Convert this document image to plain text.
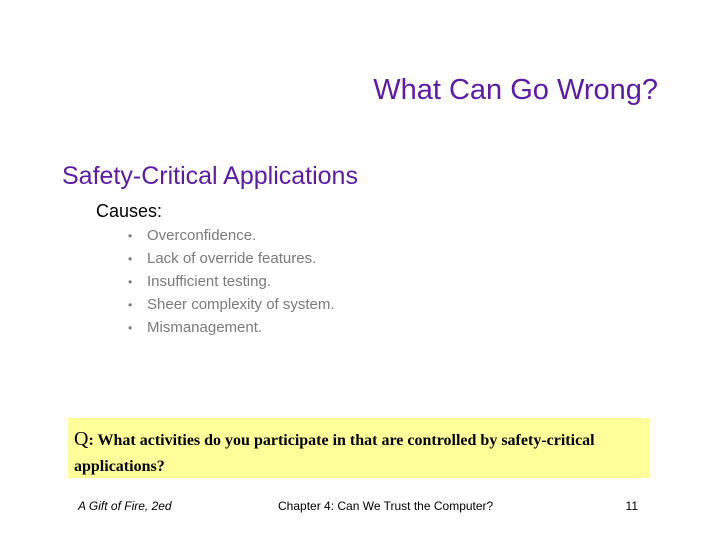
What Can Go Wrong?
Safety-Critical Applications
Causes:
• Overconfidence.
• Lack of override features.
• Insufficient testing.
• Sheer complexity of system.
• Mismanagement.
Q: What activities do you participate in that are controlled by safety-critical applications?
A Gift of Fire, 2ed	Chapter 4: Can We Trust the Computer?	11
